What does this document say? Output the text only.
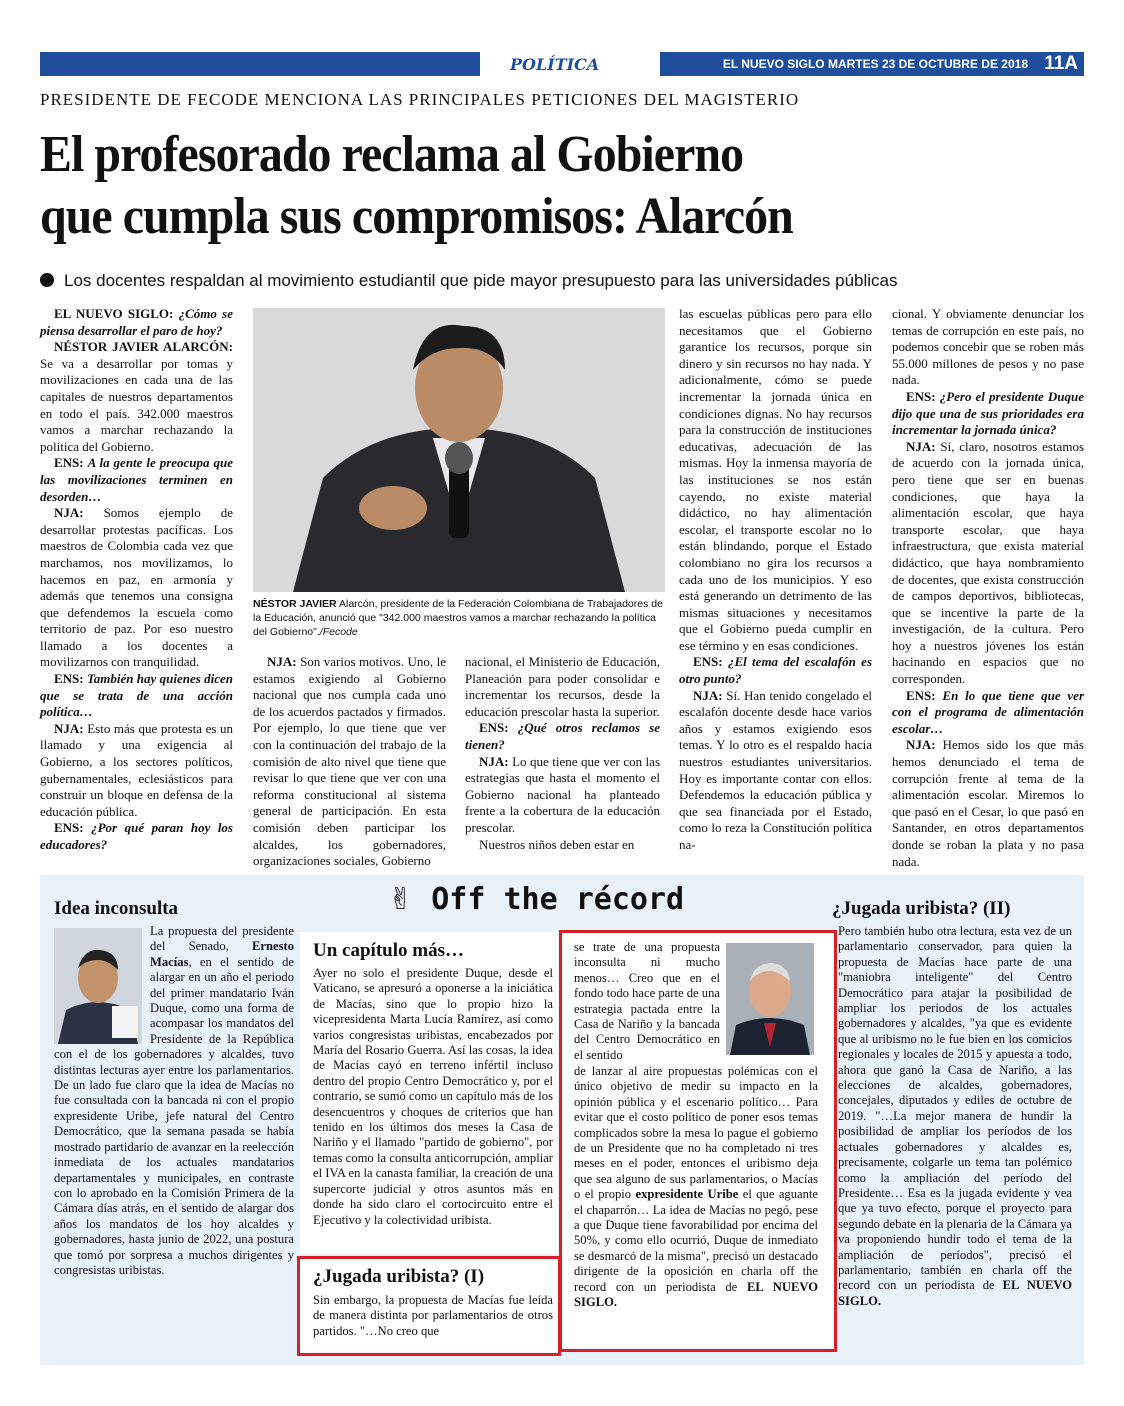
POLÍTICA	EL NUEVO SIGLO MARTES 23 DE OCTUBRE DE 2018 11A
PRESIDENTE DE FECODE MENCIONA LAS PRINCIPALES PETICIONES DEL MAGISTERIO
El profesorado reclama al Gobierno
que cumpla sus compromisos: Alarcón
Los docentes respaldan al movimiento estudiantil que pide mayor presupuesto para las universidades públicas

EL NUEVO SIGLO: ¿Cómo se piensa desarrollar el paro de hoy?

NÉSTOR JAVIER ALARCÓN: Se va a desarrollar por tomas y movilizaciones en cada una de las capitales de nuestros departamentos en todo el país. 342.000 maestros vamos a marchar rechazando la política del Gobierno.

ENS: A la gente le preocupa que las movilizaciones terminen en desorden…

NJA: Somos ejemplo de desarrollar protestas pacíficas. Los maestros de Colombia cada vez que marchamos, nos movilizamos, lo hacemos en paz, en armonía y además que tenemos una consigna que defendemos la escuela como territorio de paz. Por eso nuestro llamado a los docentes a movilizarnos con tranquilidad.

ENS: También hay quienes dicen que se trata de una acción política…

NJA: Esto más que protesta es un llamado y una exigencia al Gobierno, a los sectores políticos, gubernamentales, eclesiásticos para construir un bloque en defensa de la educación pública.

ENS: ¿Por qué paran hoy los educadores?

NÉSTOR JAVIER Alarcón, presidente de la Federación Colombiana de Trabajadores de la Educación, anunció que "342.000 maestros vamos a marchar rechazando la política del Gobierno"./Fecode

NJA: Son varios motivos. Uno, le estamos exigiendo al Gobierno nacional que nos cumpla cada uno de los acuerdos pactados y firmados. Por ejemplo, lo que tiene que ver con la continuación del trabajo de la comisión de alto nivel que tiene que revisar lo que tiene que ver con una reforma constitucional al sistema general de participación. En esta comisión deben participar los alcaldes, los gobernadores, organizaciones sociales, Gobierno

nacional, el Ministerio de Educación, Planeación para poder consolidar e incrementar los recursos, desde la educación prescolar hasta la superior.

ENS: ¿Qué otros reclamos se tienen?

NJA: Lo que tiene que ver con las estrategias que hasta el momento el Gobierno nacional ha planteado frente a la cobertura de la educación prescolar.

Nuestros niños deben estar en

las escuelas públicas pero para ello necesitamos que el Gobierno garantice los recursos, porque sin dinero y sin recursos no hay nada. Y adicionalmente, cómo se puede incrementar la jornada única en condiciones dignas. No hay recursos para la construcción de instituciones educativas, adecuación de las mismas. Hoy la inmensa mayoría de las instituciones se nos están cayendo, no existe material didáctico, no hay alimentación escolar, el transporte escolar no lo están blindando, porque el Estado colombiano no gira los recursos a cada uno de los municipios. Y eso está generando un detrimento de las mismas situaciones y necesitamos que el Gobierno pueda cumplir en ese término y en esas condiciones.

ENS: ¿El tema del escalafón es otro punto?

NJA: Sí. Han tenido congelado el escalafón docente desde hace varios años y estamos exigiendo esos temas. Y lo otro es el respaldo hacia nuestros estudiantes universitarios. Hoy es importante contar con ellos. Defendemos la educación pública y que sea financiada por el Estado, como lo reza la Constitución política na-

cional. Y obviamente denunciar los temas de corrupción en este país, no podemos concebir que se roben más 55.000 millones de pesos y no pase nada.

ENS: ¿Pero el presidente Duque dijo que una de sus prioridades era incrementar la jornada única?

NJA: Sí, claro, nosotros estamos de acuerdo con la jornada única, pero tiene que ser en buenas condiciones, que haya la alimentación escolar, que haya transporte escolar, que haya infraestructura, que exista material didáctico, que haya nombramiento de docentes, que exista construcción de campos deportivos, bibliotecas, que se incentive la parte de la investigación, de la cultura. Pero hoy a nuestros jóvenes los están hacinando en espacios que no corresponden.

ENS: En lo que tiene que ver con el programa de alimentación escolar…

NJA: Hemos sido los que más hemos denunciado el tema de corrupción frente al tema de la alimentación escolar. Miremos lo que pasó en el Cesar, lo que pasó en Santander, en otros departamentos donde se roban la plata y no pasa nada.

✌ Off the récord
Idea inconsulta
La propuesta del presidente del Senado, Ernesto Macías, en el sentido de alargar en un año el periodo del primer mandatario Iván Duque, como una forma de acompasar los mandatos del Presidente de la República con el de los gobernadores y alcaldes, tuvo distintas lecturas ayer entre los parlamentarios. De un lado fue claro que la idea de Macías no fue consultada con la bancada ni con el propio expresidente Uribe, jefe natural del Centro Democrático, que la semana pasada se había mostrado partidario de avanzar en la reelección inmediata de los actuales mandatarios departamentales y municipales, en contraste con lo aprobado en la Comisión Primera de la Cámara días atrás, en el sentido de alargar dos años los mandatos de los hoy alcaldes y gobernadores, hasta junio de 2022, una postura que tomó por sorpresa a muchos dirigentes y congresistas uribistas.
Un capítulo más…
Ayer no solo el presidente Duque, desde el Vaticano, se apresuró a oponerse a la iniciática de Macías, sino que lo propio hizo la vicepresidenta Marta Lucía Ramírez, así como varios congresistas uribistas, encabezados por María del Rosario Guerra. Así las cosas, la idea de Macías cayó en terreno infértil incluso dentro del propio Centro Democrático y, por el contrario, se sumó como un capítulo más de los desencuentros y choques de criterios que han tenido en los últimos dos meses la Casa de Nariño y el llamado "partido de gobierno", por temas como la consulta anticorrupción, ampliar el IVA en la canasta familiar, la creación de una supercorte judicial y otros asuntos más en donde ha sido claro el cortocircuito entre el Ejecutivo y la colectividad uribista.
¿Jugada uribista? (I)
Sin embargo, la propuesta de Macías fue leída de manera distinta por parlamentarios de otros partidos. "…No creo que
se trate de una propuesta inconsulta ni mucho menos… Creo que en el fondo todo hace parte de una estrategia pactada entre la Casa de Nariño y la bancada del Centro Democrático en el sentido
de lanzar al aire propuestas polémicas con el único objetivo de medir su impacto en la opinión pública y el escenario político… Para evitar que el costo político de poner esos temas complicados sobre la mesa lo pague el gobierno de un Presidente que no ha completado ni tres meses en el poder, entonces el uribismo deja que sea alguno de sus parlamentarios, o Macías o el propio expresidente Uribe el que aguante el chaparrón… La idea de Macías no pegó, pese a que Duque tiene favorabilidad por encima del 50%, y como ello ocurrió, Duque de inmediato se desmarcó de la misma", precisó un destacado dirigente de la oposición en charla off the record con un periodista de EL NUEVO SIGLO.
¿Jugada uribista? (II)
Pero también hubo otra lectura, esta vez de un parlamentario conservador, para quien la propuesta de Macías hace parte de una "maniobra inteligente" del Centro Democrático para atajar la posibilidad de ampliar los periodos de los actuales gobernadores y alcaldes, "ya que es evidente que al uribismo no le fue bien en los comicios regionales y locales de 2015 y apuesta a todo, ahora que ganó la Casa de Nariño, a las elecciones de alcaldes, gobernadores, concejales, diputados y ediles de octubre de 2019. "…La mejor manera de hundir la posibilidad de ampliar los períodos de los actuales gobernadores y alcaldes es, precisamente, colgarle un tema tan polémico como la ampliación del período del Presidente… Esa es la jugada evidente y vea que ya tuvo efecto, porque el proyecto para segundo debate en la plenaria de la Cámara ya va proponiendo hundir todo el tema de la ampliación de períodos", precisó el parlamentario, también en charla off the record con un periodista de EL NUEVO SIGLO.
